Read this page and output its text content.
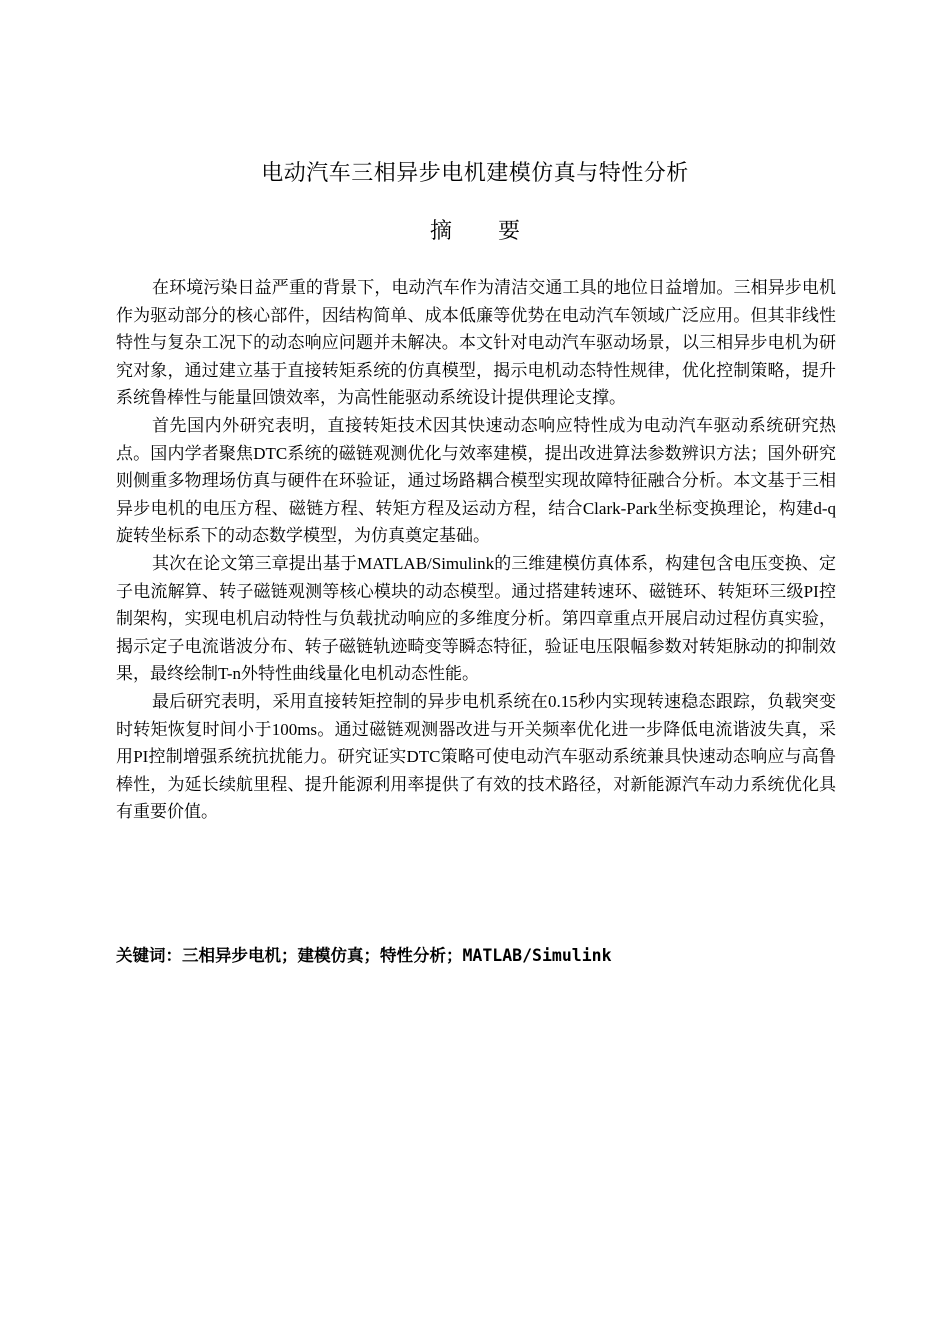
电动汽车三相异步电机建模仿真与特性分析
摘要

在环境污染日益严重的背景下，电动汽车作为清洁交通工具的地位日益增加。三相异步电机作为驱动部分的核心部件，因结构简单、成本低廉等优势在电动汽车领域广泛应用。但其非线性特性与复杂工况下的动态响应问题并未解决。本文针对电动汽车驱动场景，以三相异步电机为研究对象，通过建立基于直接转矩系统的仿真模型，揭示电机动态特性规律，优化控制策略，提升系统鲁棒性与能量回馈效率，为高性能驱动系统设计提供理论支撑。

首先国内外研究表明，直接转矩技术因其快速动态响应特性成为电动汽车驱动系统研究热点。国内学者聚焦DTC系统的磁链观测优化与效率建模，提出改进算法参数辨识方法；国外研究则侧重多物理场仿真与硬件在环验证，通过场路耦合模型实现故障特征融合分析。本文基于三相异步电机的电压方程、磁链方程、转矩方程及运动方程，结合Clark-Park坐标变换理论，构建d-q旋转坐标系下的动态数学模型，为仿真奠定基础。

其次在论文第三章提出基于MATLAB/Simulink的三维建模仿真体系，构建包含电压变换、定子电流解算、转子磁链观测等核心模块的动态模型。通过搭建转速环、磁链环、转矩环三级PI控制架构，实现电机启动特性与负载扰动响应的多维度分析。第四章重点开展启动过程仿真实验，揭示定子电流谐波分布、转子磁链轨迹畸变等瞬态特征，验证电压限幅参数对转矩脉动的抑制效果，最终绘制T-n外特性曲线量化电机动态性能。

最后研究表明，采用直接转矩控制的异步电机系统在0.15秒内实现转速稳态跟踪，负载突变时转矩恢复时间小于100ms。通过磁链观测器改进与开关频率优化进一步降低电流谐波失真，采用PI控制增强系统抗扰能力。研究证实DTC策略可使电动汽车驱动系统兼具快速动态响应与高鲁棒性，为延长续航里程、提升能源利用率提供了有效的技术路径，对新能源汽车动力系统优化具有重要价值。

关键词：三相异步电机；建模仿真；特性分析；MATLAB/Simulink
